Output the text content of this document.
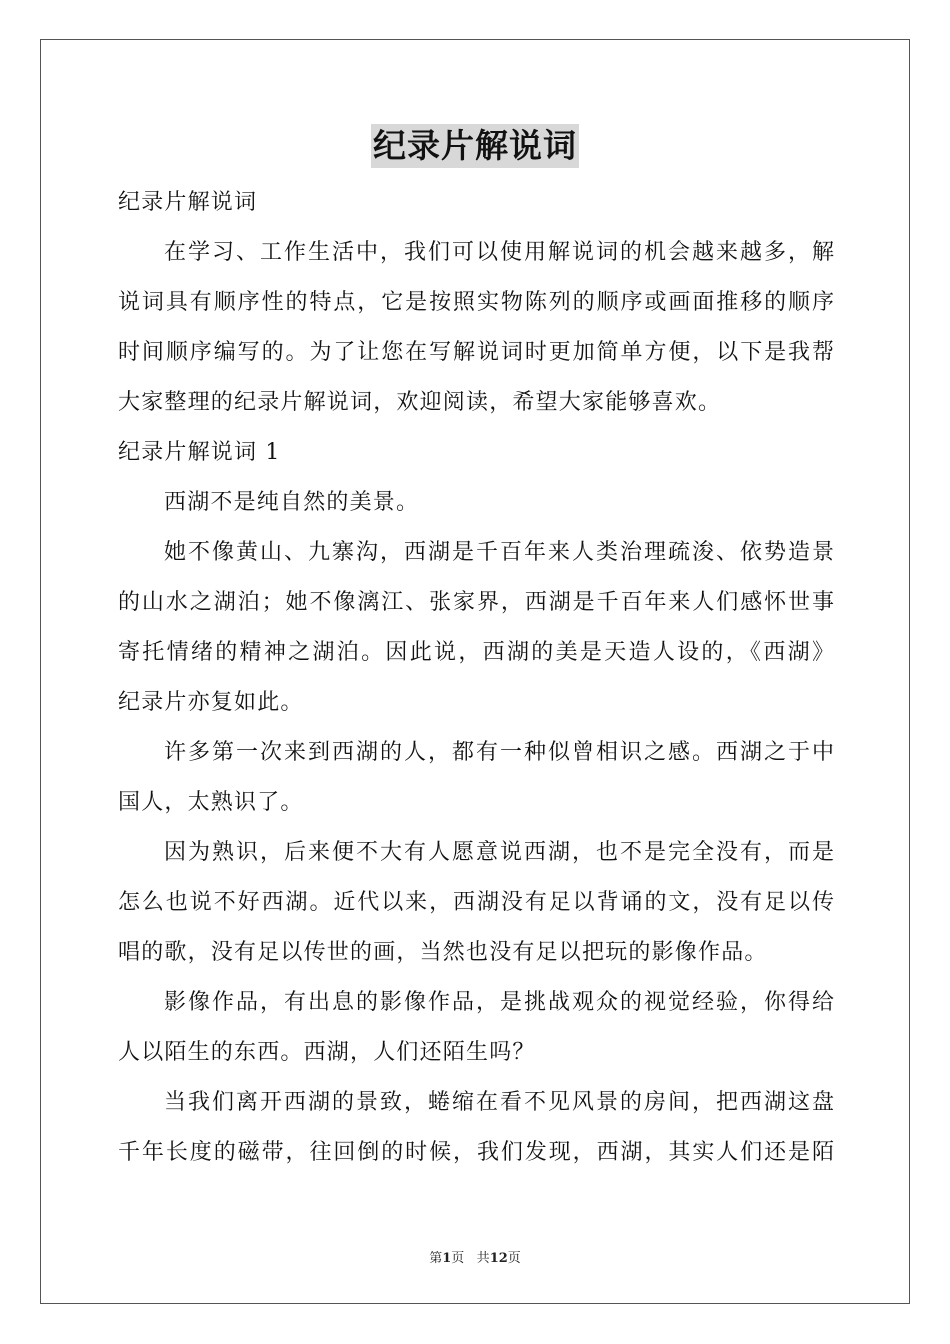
纪录片解说词
纪录片解说词
在学习、工作生活中，我们可以使用解说词的机会越来越多，解
说词具有顺序性的特点，它是按照实物陈列的顺序或画面推移的顺序
时间顺序编写的。为了让您在写解说词时更加简单方便，以下是我帮
大家整理的纪录片解说词，欢迎阅读，希望大家能够喜欢。
纪录片解说词 1
西湖不是纯自然的美景。
她不像黄山、九寨沟，西湖是千百年来人类治理疏浚、依势造景
的山水之湖泊；她不像漓江、张家界，西湖是千百年来人们感怀世事
寄托情绪的精神之湖泊。因此说，西湖的美是天造人设的，《西湖》
纪录片亦复如此。
许多第一次来到西湖的人，都有一种似曾相识之感。西湖之于中
国人，太熟识了。
因为熟识，后来便不大有人愿意说西湖，也不是完全没有，而是
怎么也说不好西湖。近代以来，西湖没有足以背诵的文，没有足以传
唱的歌，没有足以传世的画，当然也没有足以把玩的影像作品。
影像作品，有出息的影像作品，是挑战观众的视觉经验，你得给
人以陌生的东西。西湖，人们还陌生吗？
当我们离开西湖的景致，蜷缩在看不见风景的房间，把西湖这盘
千年长度的磁带，往回倒的时候，我们发现，西湖，其实人们还是陌
第1页 共12页
